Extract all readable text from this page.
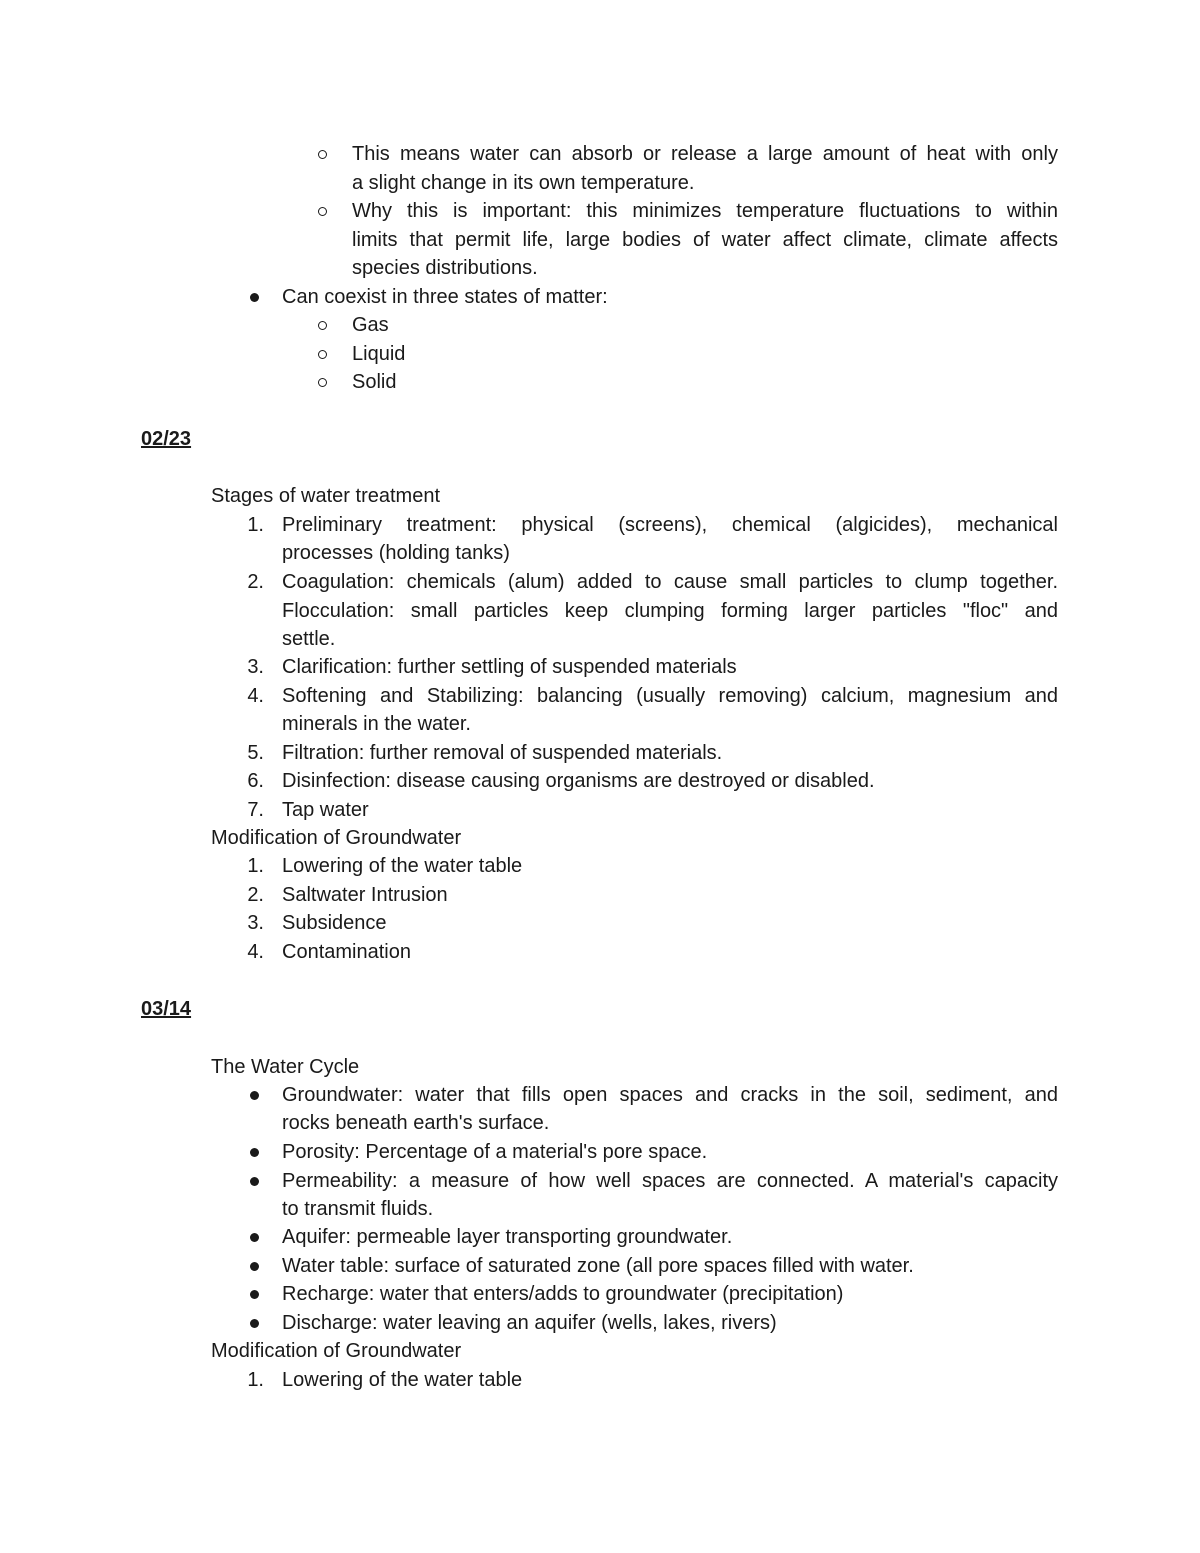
This means water can absorb or release a large amount of heat with only
a slight change in its own temperature.
Why this is important: this minimizes temperature fluctuations to within
limits that permit life, large bodies of water affect climate, climate affects
species distributions.
Can coexist in three states of matter:
Gas
Liquid
Solid
02/23
Stages of water treatment
1. Preliminary treatment: physical (screens), chemical (algicides), mechanical
processes (holding tanks)
2. Coagulation: chemicals (alum) added to cause small particles to clump together.
Flocculation: small particles keep clumping forming larger particles "floc" and
settle.
3. Clarification: further settling of suspended materials
4. Softening and Stabilizing: balancing (usually removing) calcium, magnesium and
minerals in the water.
5. Filtration: further removal of suspended materials.
6. Disinfection: disease causing organisms are destroyed or disabled.
7. Tap water
Modification of Groundwater
1. Lowering of the water table
2. Saltwater Intrusion
3. Subsidence
4. Contamination
03/14
The Water Cycle
Groundwater: water that fills open spaces and cracks in the soil, sediment, and
rocks beneath earth's surface.
Porosity: Percentage of a material's pore space.
Permeability: a measure of how well spaces are connected. A material's capacity
to transmit fluids.
Aquifer: permeable layer transporting groundwater.
Water table: surface of saturated zone (all pore spaces filled with water.
Recharge: water that enters/adds to groundwater (precipitation)
Discharge: water leaving an aquifer (wells, lakes, rivers)
Modification of Groundwater
1. Lowering of the water table
